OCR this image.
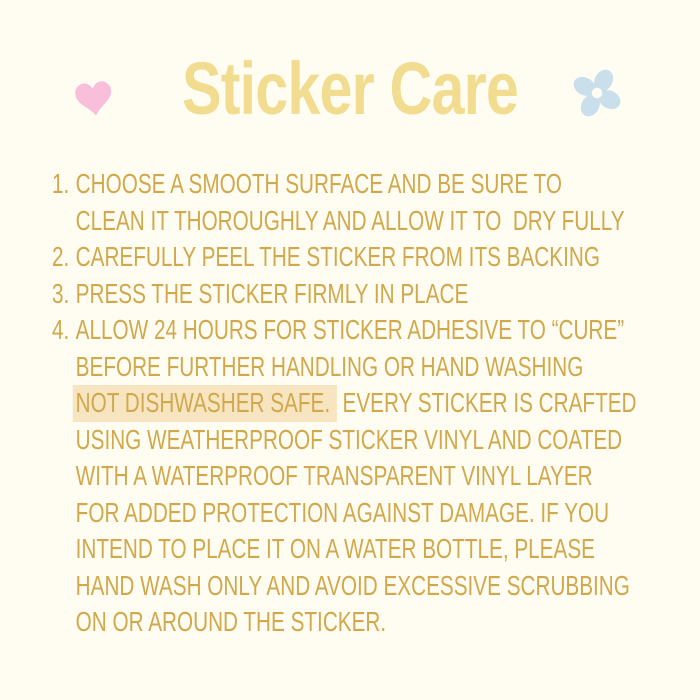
Sticker Care
1. CHOOSE A SMOOTH SURFACE AND BE SURE TO
CLEAN IT THOROUGHLY AND ALLOW IT TO  DRY FULLY
2. CAREFULLY PEEL THE STICKER FROM ITS BACKING
3. PRESS THE STICKER FIRMLY IN PLACE
4. ALLOW 24 HOURS FOR STICKER ADHESIVE TO “CURE”
BEFORE FURTHER HANDLING OR HAND WASHING
NOT DISHWASHER SAFE. EVERY STICKER IS CRAFTED
USING WEATHERPROOF STICKER VINYL AND COATED
WITH A WATERPROOF TRANSPARENT VINYL LAYER
FOR ADDED PROTECTION AGAINST DAMAGE. IF YOU
INTEND TO PLACE IT ON A WATER BOTTLE, PLEASE
HAND WASH ONLY AND AVOID EXCESSIVE SCRUBBING
ON OR AROUND THE STICKER.
